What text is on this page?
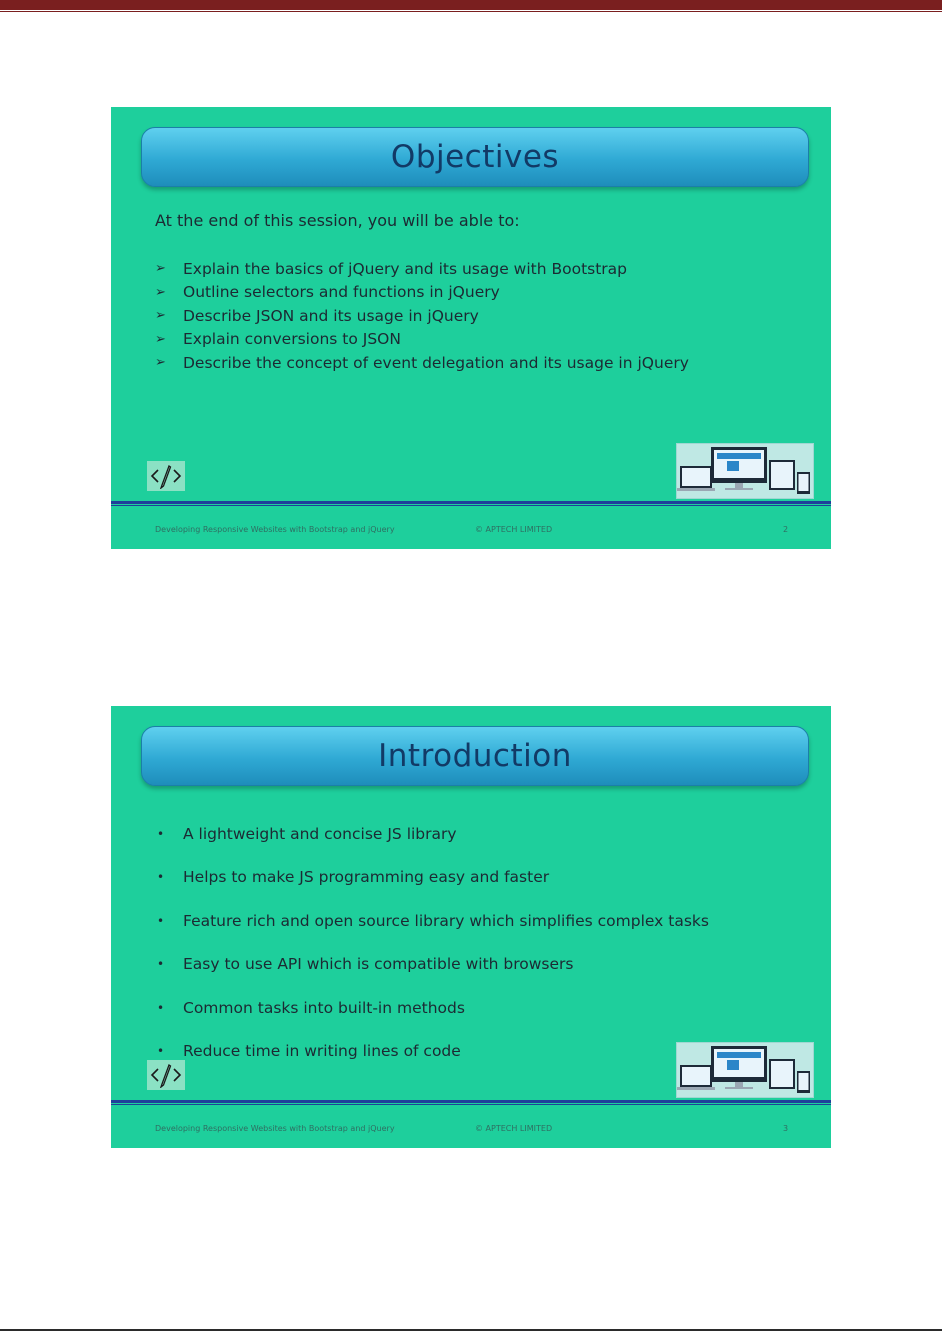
Objectives
At the end of this session, you will be able to:
➢	Explain the basics of jQuery and its usage with Bootstrap
➢	Outline selectors and functions in jQuery
➢	Describe JSON and its usage in jQuery
➢	Explain conversions to JSON
➢	Describe the concept of event delegation and its usage in jQuery
Developing Responsive Websites with Bootstrap and jQuery	© APTECH LIMITED	2
Introduction
•	A lightweight and concise JS library
•	Helps to make JS programming easy and faster
•	Feature rich and open source library which simplifies complex tasks
•	Easy to use API which is compatible with browsers
•	Common tasks into built-in methods
•	Reduce time in writing lines of code
Developing Responsive Websites with Bootstrap and jQuery	© APTECH LIMITED	3
